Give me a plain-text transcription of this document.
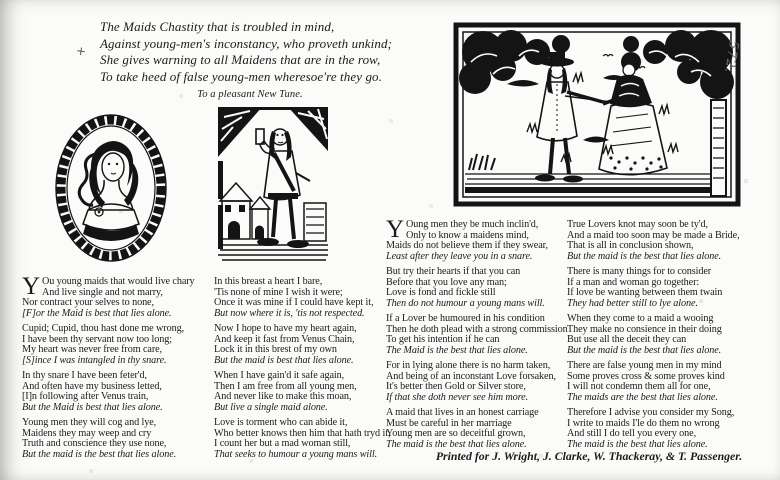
+
The Maids Chastity that is troubled in mind,
Against young-men's inconstancy, who proveth unkind;
She gives warning to all Maidens that are in the row,
To take heed of false young-men wheresoe're they go.
To a pleasant New Tune.
572.
Y Ou young maids that would live chary
And live single and not marry,
Nor contract your selves to none,
[F]or the Maid is best that lies alone.
Cupid; Cupid, thou hast done me wrong,
I have been thy servant now too long;
My heart was never free from care,
[S]ince I was intangled in thy snare.
In thy snare I have been feter'd,
And often have my business letted,
[I]n following after Venus train,
But the Maid is best that lies alone.
Young men they will cog and lye,
Maidens they may weep and cry
Truth and conscience they use none,
But the maid is the best that lies alone.
In this breast a heart I bare,
'Tis none of mine I wish it were;
Once it was mine if I could have kept it,
But now where it is, 'tis not respected.
Now I hope to have my heart again,
And keep it fast from Venus Chain,
Lock it in this brest of my own
But the maid is best that lies alone.
When I have gain'd it safe again,
Then I am free from all young men,
And never like to make this moan,
But live a single maid alone.
Love is torment who can abide it,
Who better knows then him that hath tryd it,
I count her but a mad woman still,
That seeks to humour a young mans will.
Y Oung men they be much inclin'd,
Only to know a maidens mind,
Maids do not believe them if they swear,
Least after they leave you in a snare.
But try their hearts if that you can
Before that you love any man;
Love is fond and fickle still
Then do not humour a young mans will.
If a Lover be humoured in his condition
Then he doth plead with a strong commission
To get his intention if he can
The Maid is the best that lies alone.
For in lying alone there is no harm taken,
And being of an inconstant Love forsaken,
It's better then Gold or Silver store,
If that she doth never see him more.
A maid that lives in an honest carriage
Must be careful in her marriage
Young men are so deceitful grown,
The maid is the best that lies alone.
True Lovers knot may soon be ty'd,
And a maid too soon may be made a Bride,
That is all in conclusion shown,
But the maid is the best that lies alone.
There is many things for to consider
If a man and woman go together:
If love be wanting between them twain
They had better still to lye alone.
When they come to a maid a wooing
They make no consience in their doing
But use all the deceit they can
But the maid is the best that lies alone.
There are false young men in my mind
Some proves cross & some proves kind
I will not condemn them all for one,
The maids are the best that lies alone.
Therefore I advise you consider my Song,
I write to maids I'le do them no wrong
And still I do tell you every one,
The maid is the best that lies alone.
Printed for J. Wright, J. Clarke, W. Thackeray, & T. Passenger.
